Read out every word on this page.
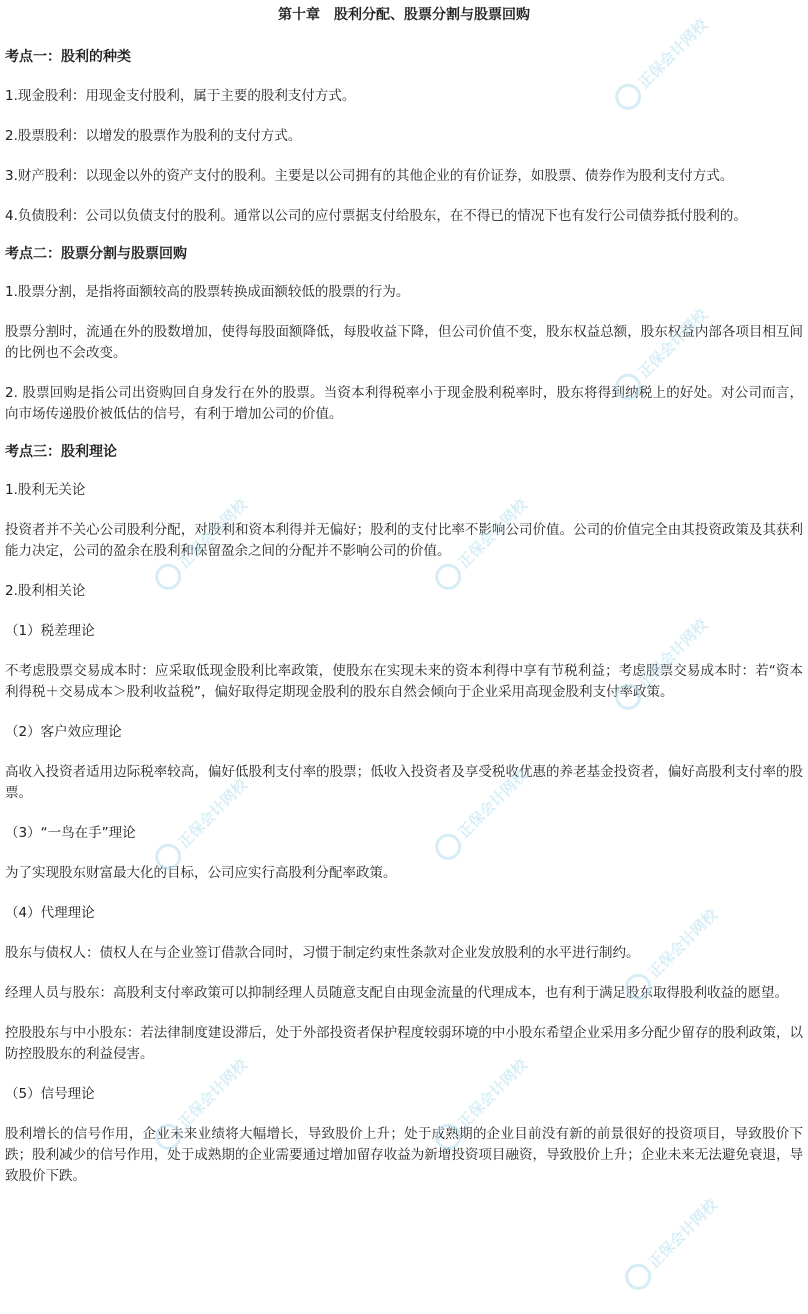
第十章　股利分配、股票分割与股票回购
考点一：股利的种类
1.现金股利：用现金支付股利，属于主要的股利支付方式。
2.股票股利：以增发的股票作为股利的支付方式。
3.财产股利：以现金以外的资产支付的股利。主要是以公司拥有的其他企业的有价证券，如股票、债券作为股利支付方式。
4.负债股利：公司以负债支付的股利。通常以公司的应付票据支付给股东，在不得已的情况下也有发行公司债券抵付股利的。
考点二：股票分割与股票回购
1.股票分割，是指将面额较高的股票转换成面额较低的股票的行为。
股票分割时，流通在外的股数增加，使得每股面额降低，每股收益下降，但公司价值不变，股东权益总额，股东权益内部各项目相互间的比例也不会改变。
2. 股票回购是指公司出资购回自身发行在外的股票。当资本利得税率小于现金股利税率时，股东将得到纳税上的好处。对公司而言，向市场传递股价被低估的信号，有利于增加公司的价值。
考点三：股利理论
1.股利无关论
投资者并不关心公司股利分配，对股利和资本利得并无偏好；股利的支付比率不影响公司价值。公司的价值完全由其投资政策及其获利能力决定，公司的盈余在股利和保留盈余之间的分配并不影响公司的价值。
2.股利相关论
（1）税差理论
不考虑股票交易成本时：应采取低现金股利比率政策，使股东在实现未来的资本利得中享有节税利益；考虑股票交易成本时：若“资本利得税＋交易成本＞股利收益税”，偏好取得定期现金股利的股东自然会倾向于企业采用高现金股利支付率政策。
（2）客户效应理论
高收入投资者适用边际税率较高，偏好低股利支付率的股票；低收入投资者及享受税收优惠的养老基金投资者，偏好高股利支付率的股票。
（3）“一鸟在手”理论
为了实现股东财富最大化的目标，公司应实行高股利分配率政策。
（4）代理理论
股东与债权人：债权人在与企业签订借款合同时，习惯于制定约束性条款对企业发放股利的水平进行制约。
经理人员与股东：高股利支付率政策可以抑制经理人员随意支配自由现金流量的代理成本，也有利于满足股东取得股利收益的愿望。
控股股东与中小股东：若法律制度建设滞后，处于外部投资者保护程度较弱环境的中小股东希望企业采用多分配少留存的股利政策，以防控股股东的利益侵害。
（5）信号理论
股利增长的信号作用，企业未来业绩将大幅增长，导致股价上升；处于成熟期的企业目前没有新的前景很好的投资项目，导致股价下跌；股利减少的信号作用，处于成熟期的企业需要通过增加留存收益为新增投资项目融资，导致股价上升；企业未来无法避免衰退，导致股价下跌。
正保会计网校
正保会计网校
正保会计网校	正保会计网校
正保会计网校
正保会计网校	正保会计网校
正保会计网校
正保会计网校	正保会计网校
正保会计网校
